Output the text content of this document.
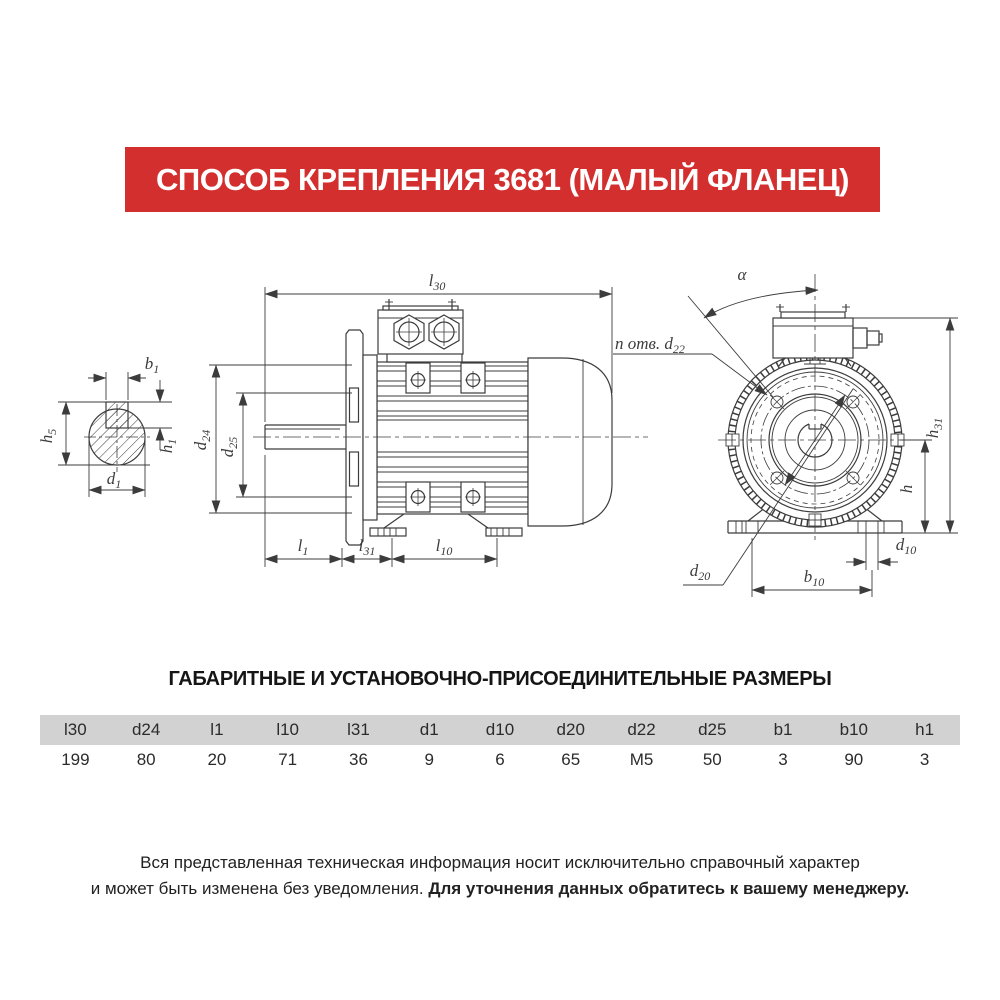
СПОСОБ КРЕПЛЕНИЯ 3681 (МАЛЫЙ ФЛАНЕЦ)
$b_1$
$h_5$
$h_1$
$d_1$
$l_{30}$
$d_{24}$
$d_{25}$
$l_1$	$l_{31}$	$l_{10}$
α
n отв. $d_{22}$
$d_{20}$
$h_{31}$
h
$b_{10}$
$d_{10}$
ГАБАРИТНЫЕ И УСТАНОВОЧНО-ПРИСОЕДИНИТЕЛЬНЫЕ РАЗМЕРЫ
l30	d24	l1	l10	l31	d1	d10	d20	d22	d25	b1	b10	h1
199	80	20	71	36	9	6	65	M5	50	3	90	3
Вся представленная техническая информация носит исключительно справочный характер
и может быть изменена без уведомления. Для уточнения данных обратитесь к вашему менеджеру.
